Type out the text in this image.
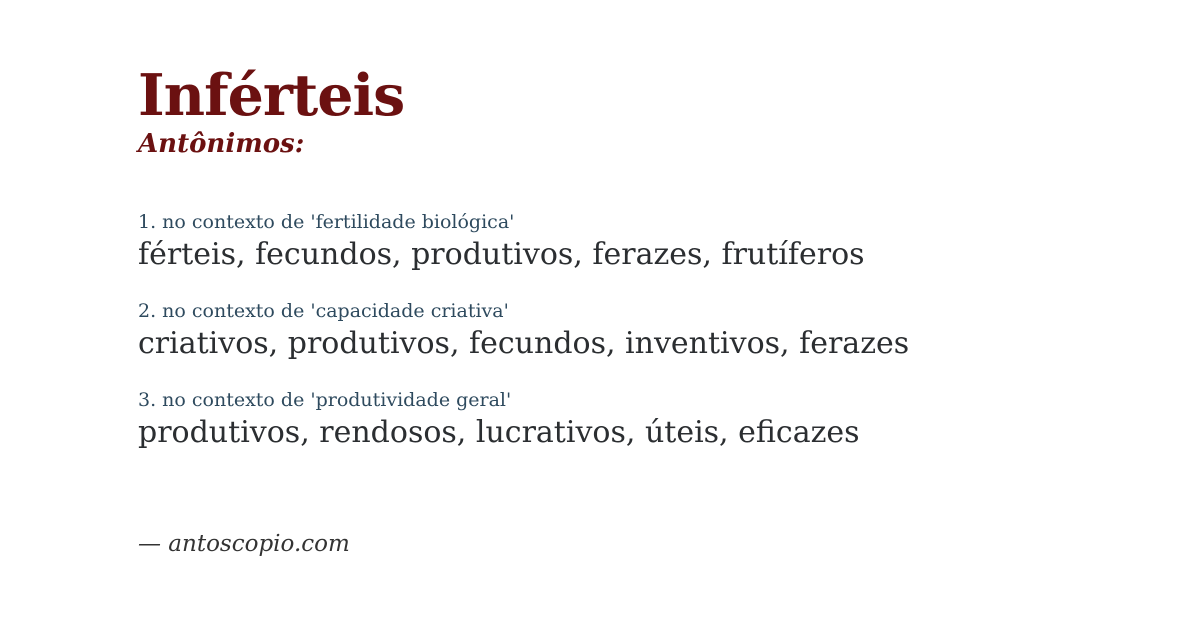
Inférteis

Antônimos:

1. no contexto de 'fertilidade biológica'

férteis, fecundos, produtivos, ferazes, frutíferos

2. no contexto de 'capacidade criativa'

criativos, produtivos, fecundos, inventivos, ferazes

3. no contexto de 'produtividade geral'

produtivos, rendosos, lucrativos, úteis, eficazes

— antoscopio.com
